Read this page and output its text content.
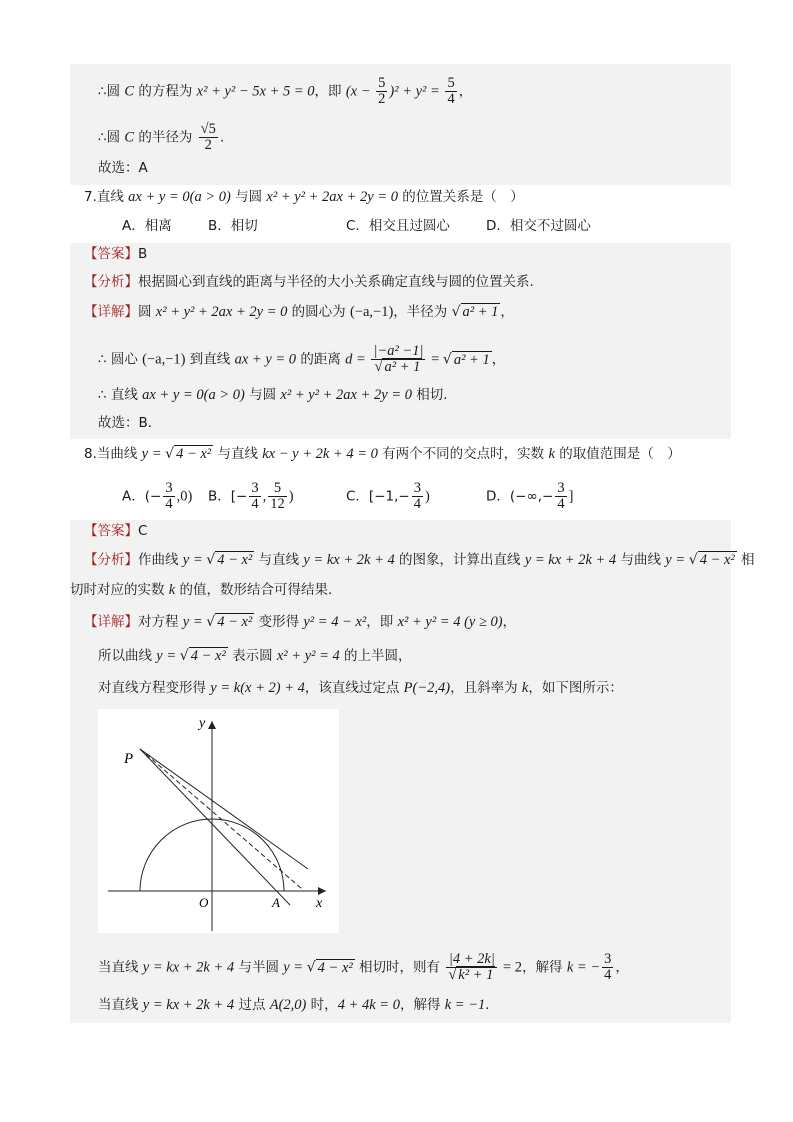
∴圆 C 的方程为 x² + y² − 5x + 5 = 0，即 $(x - \frac{5}{2} )^2 + y^2 = \frac{5}{4}$ ，
∴圆 C 的半径为 $\frac{√5}{2}$ .
故选：A
7.直线 ax + y = 0(a > 0) 与圆 x² + y² + 2ax + 2y = 0 的位置关系是（　）
A．相离	B．相切	C．相交且过圆心	D．相交不过圆心
【答案】B
【分析】根据圆心到直线的距离与半径的大小关系确定直线与圆的位置关系.
【详解】圆 x² + y² + 2ax + 2y = 0 的圆心为 (−a,−1)，半径为 √ a² + 1 ，
∴ 圆心 (−a,−1) 到直线 ax + y = 0 的距离 $d = \frac{\text{|−a² −1|}}{\text{√ a² + 1}}$ = √ a² + 1 ，
∴ 直线 ax + y = 0(a > 0) 与圆 x² + y² + 2ax + 2y = 0 相切.
故选：B.
8.当曲线 y = √ 4 − x² 与直线 kx − y + 2k + 4 = 0 有两个不同的交点时，实数 k 的取值范围是（　）
A．(− $\frac{3}{4} ,0$) B．[− $\frac{3}{4}$ , $\frac{5}{12}$ )	C．[$-1,- \frac{3}{4}$ )	D．(−∞,− $\frac{3}{4}$ ]
【答案】C
【分析】作曲线 y = √ 4 − x² 与直线 y = kx + 2k + 4 的图象，计算出直线 y = kx + 2k + 4 与曲线 y = √ 4 − x² 相
切时对应的实数 k 的值，数形结合可得结果.
【详解】对方程 y = √ 4 − x² 变形得 y² = 4 − x²，即 x² + y² = 4 (y ≥ 0)，
所以曲线 y = √ 4 − x² 表示圆 x² + y² = 4 的上半圆，
对直线方程变形得 y = k(x + 2) + 4，该直线过定点 P(−2,4)，且斜率为 k，如下图所示：
y
x
P
O	A
当直线 y = kx + 2k + 4 与半圆 y = √ 4 − x² 相切时，则有 $\frac{|4 + 2k|}{\text{√ k² + 1}} = 2$，解得 k = − $\frac{3}{4}$ ，
当直线 y = kx + 2k + 4 过点 A(2,0) 时，4 + 4k = 0，解得 k = −1.
